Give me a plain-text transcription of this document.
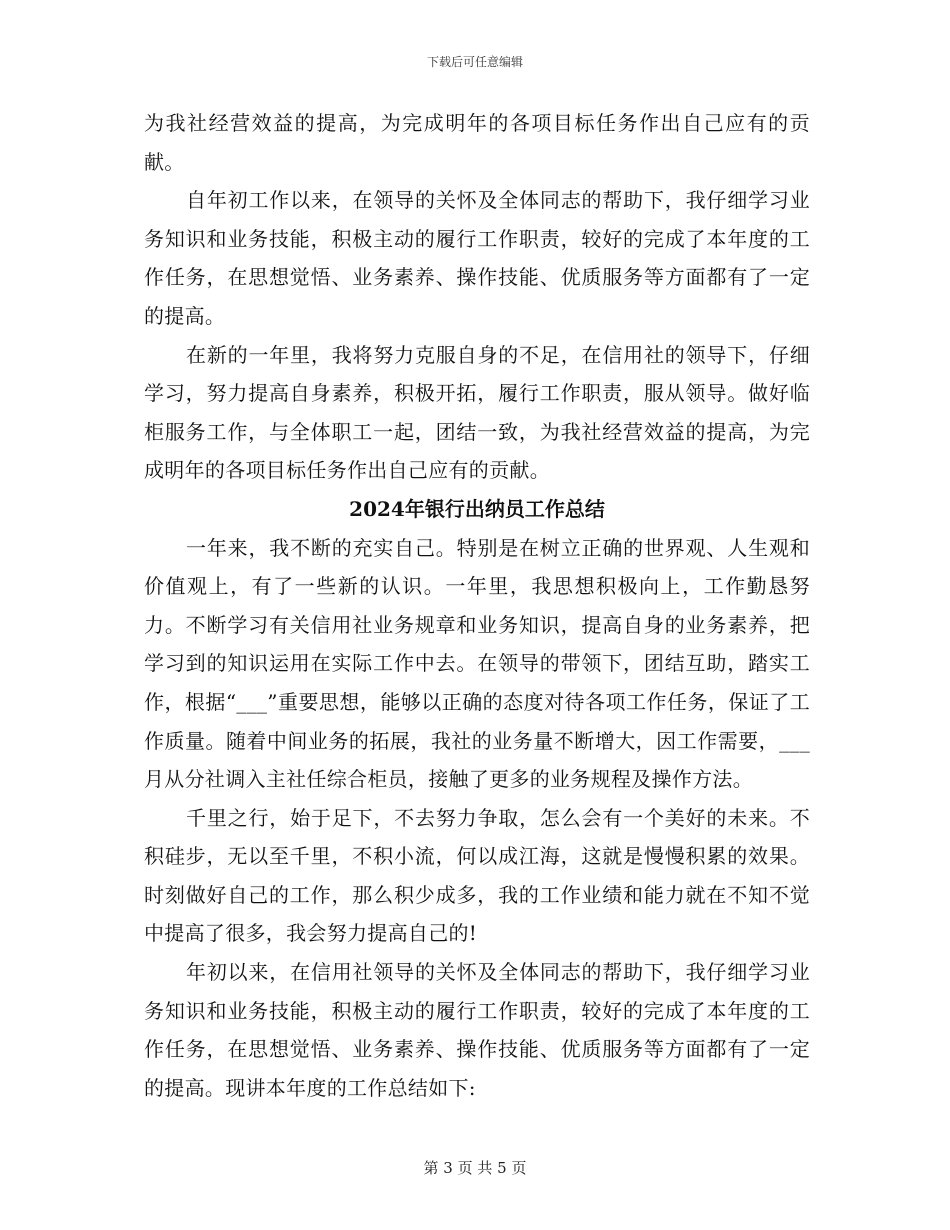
下载后可任意编辑

为我社经营效益的提高，为完成明年的各项目标任务作出自己应有的贡献。

自年初工作以来，在领导的关怀及全体同志的帮助下，我仔细学习业务知识和业务技能，积极主动的履行工作职责，较好的完成了本年度的工作任务，在思想觉悟、业务素养、操作技能、优质服务等方面都有了一定的提高。

在新的一年里，我将努力克服自身的不足，在信用社的领导下，仔细学习，努力提高自身素养，积极开拓，履行工作职责，服从领导。做好临柜服务工作，与全体职工一起，团结一致，为我社经营效益的提高，为完成明年的各项目标任务作出自己应有的贡献。

2024年银行出纳员工作总结

一年来，我不断的充实自己。特别是在树立正确的世界观、人生观和价值观上，有了一些新的认识。一年里，我思想积极向上，工作勤恳努力。不断学习有关信用社业务规章和业务知识，提高自身的业务素养，把学习到的知识运用在实际工作中去。在领导的带领下，团结互助，踏实工作，根据“___”重要思想，能够以正确的态度对待各项工作任务，保证了工作质量。随着中间业务的拓展，我社的业务量不断增大，因工作需要，___月从分社调入主社任综合柜员，接触了更多的业务规程及操作方法。

千里之行，始于足下，不去努力争取，怎么会有一个美好的未来。不积硅步，无以至千里，不积小流，何以成江海，这就是慢慢积累的效果。时刻做好自己的工作，那么积少成多，我的工作业绩和能力就在不知不觉中提高了很多，我会努力提高自己的!

年初以来，在信用社领导的关怀及全体同志的帮助下，我仔细学习业务知识和业务技能，积极主动的履行工作职责，较好的完成了本年度的工作任务，在思想觉悟、业务素养、操作技能、优质服务等方面都有了一定的提高。现讲本年度的工作总结如下:

第 3 页 共 5 页
